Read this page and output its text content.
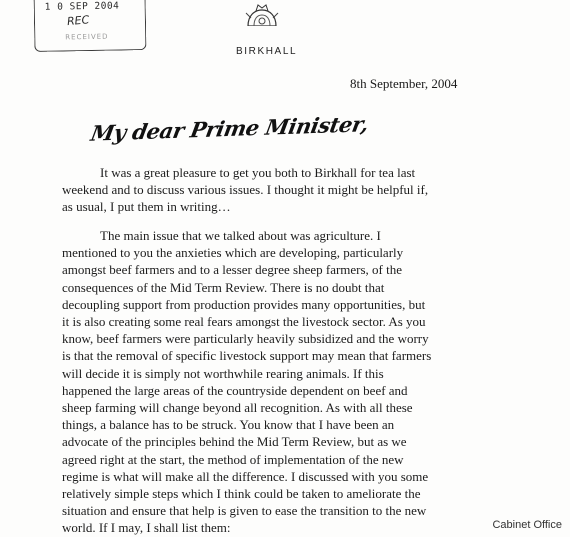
1 0 SEP 2004
REC
RECEIVED
BIRKHALL
8th September, 2004
My dear Prime Minister,
It was a great pleasure to get you both to Birkhall for tea last
weekend and to discuss various issues. I thought it might be helpful if,
as usual, I put them in writing…
The main issue that we talked about was agriculture. I
mentioned to you the anxieties which are developing, particularly
amongst beef farmers and to a lesser degree sheep farmers, of the
consequences of the Mid Term Review. There is no doubt that
decoupling support from production provides many opportunities, but
it is also creating some real fears amongst the livestock sector. As you
know, beef farmers were particularly heavily subsidized and the worry
is that the removal of specific livestock support may mean that farmers
will decide it is simply not worthwhile rearing animals. If this
happened the large areas of the countryside dependent on beef and
sheep farming will change beyond all recognition. As with all these
things, a balance has to be struck. You know that I have been an
advocate of the principles behind the Mid Term Review, but as we
agreed right at the start, the method of implementation of the new
regime is what will make all the difference. I discussed with you some
relatively simple steps which I think could be taken to ameliorate the
situation and ensure that help is given to ease the transition to the new
world. If I may, I shall list them:	Cabinet Office
